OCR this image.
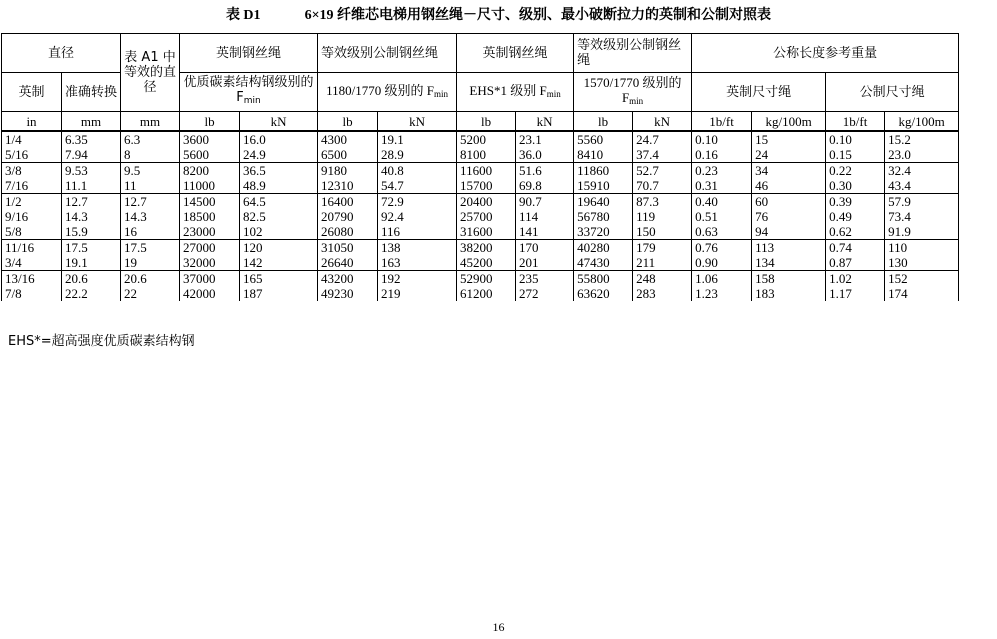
表 D1	6×19 纤维芯电梯用钢丝绳－尺寸、级别、最小破断拉力的英制和公制对照表
直径		表 A1 中等效的直径	英制钢丝绳		等效级别公制钢丝绳		英制钢丝绳		等效级别公制钢丝绳		公称长度参考重量			
英制	准确转换		优质碳素结构钢级别的 $F_{min}$		1180/1770 级别的 $F_{min}$		EHS*1 级别 $F_{min}$		1570/1770 级别的 $F_{min}$		英制尺寸绳		公制尺寸绳	
in	mm	mm	lb	kN	lb	kN	lb	kN	lb	kN	1b/ft	kg/100m	1b/ft	kg/100m
1/4	6.35	6.3	3600	16.0	4300	19.1	5200	23.1	5560	24.7	0.10	15	0.10	15.2
5/16	7.94	8	5600	24.9	6500	28.9	8100	36.0	8410	37.4	0.16	24	0.15	23.0
3/8	9.53	9.5	8200	36.5	9180	40.8	11600	51.6	11860	52.7	0.23	34	0.22	32.4
7/16	11.1	11	11000	48.9	12310	54.7	15700	69.8	15910	70.7	0.31	46	0.30	43.4
1/2	12.7	12.7	14500	64.5	16400	72.9	20400	90.7	19640	87.3	0.40	60	0.39	57.9
9/16	14.3	14.3	18500	82.5	20790	92.4	25700	114	56780	119	0.51	76	0.49	73.4
5/8	15.9	16	23000	102	26080	116	31600	141	33720	150	0.63	94	0.62	91.9
11/16	17.5	17.5	27000	120	31050	138	38200	170	40280	179	0.76	113	0.74	110
3/4	19.1	19	32000	142	26640	163	45200	201	47430	211	0.90	134	0.87	130
13/16	20.6	20.6	37000	165	43200	192	52900	235	55800	248	1.06	158	1.02	152
7/8	22.2	22	42000	187	49230	219	61200	272	63620	283	1.23	183	1.17	174
EHS*=超高强度优质碳素结构钢
16
